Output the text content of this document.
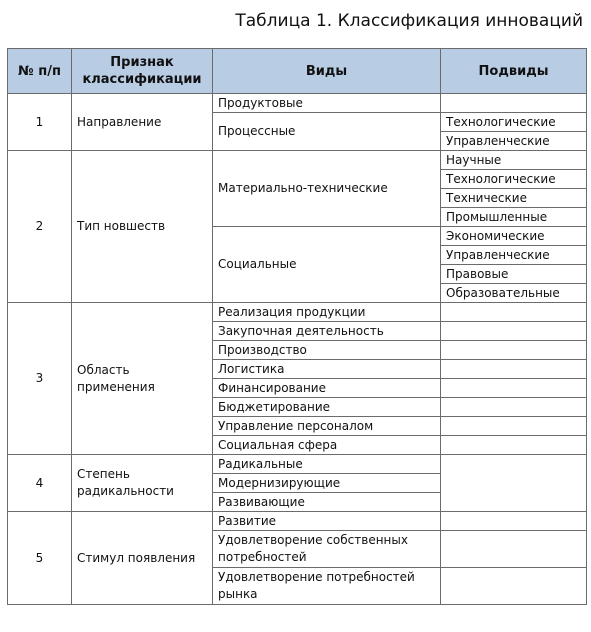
Таблица 1. Классификация инноваций
№ п/п	Признак классификации	Виды	Подвиды
1	Направление	Продуктовые	
		Процессные	Технологические
			Управленческие
2	Тип новшеств	Материально-технические	Научные
			Технологические
			Технические
			Промышленные
		Социальные	Экономические
			Управленческие
			Правовые
			Образовательные
3	Область применения	Реализация продукции	
		Закупочная деятельность	
		Производство	
		Логистика	
		Финансирование	
		Бюджетирование	
		Управление персоналом	
		Социальная сфера	
4	Степень радикальности	Радикальные	
		Модернизирующие	
		Развивающие	
5	Стимул появления	Развитие	
		Удовлетворение собственных потребностей	
		Удовлетворение потребностей рынка	
